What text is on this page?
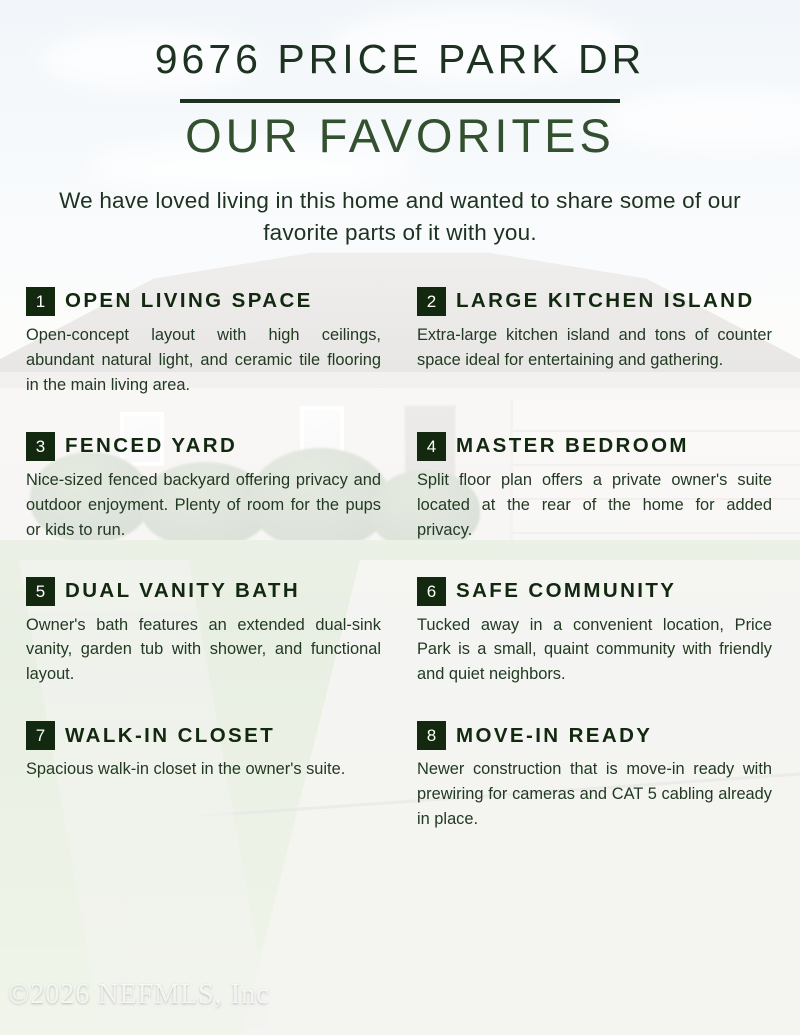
9676 PRICE PARK DR
OUR FAVORITES
We have loved living in this home and wanted to share some of our favorite parts of it with you.
1 OPEN LIVING SPACE
Open-concept layout with high ceilings, abundant natural light, and ceramic tile flooring in the main living area.
2 LARGE KITCHEN ISLAND
Extra-large kitchen island and tons of counter space ideal for entertaining and gathering.
3 FENCED YARD
Nice-sized fenced backyard offering privacy and outdoor enjoyment. Plenty of room for the pups or kids to run.
4 MASTER BEDROOM
Split floor plan offers a private owner's suite located at the rear of the home for added privacy.
5 DUAL VANITY BATH
Owner's bath features an extended dual-sink vanity, garden tub with shower, and functional layout.
6 SAFE COMMUNITY
Tucked away in a convenient location, Price Park is a small, quaint community with friendly and quiet neighbors.
7 WALK-IN CLOSET
Spacious walk-in closet in the owner's suite.
8 MOVE-IN READY
Newer construction that is move-in ready with prewiring for cameras and CAT 5 cabling already in place.
©2026 NEFMLS, Inc
